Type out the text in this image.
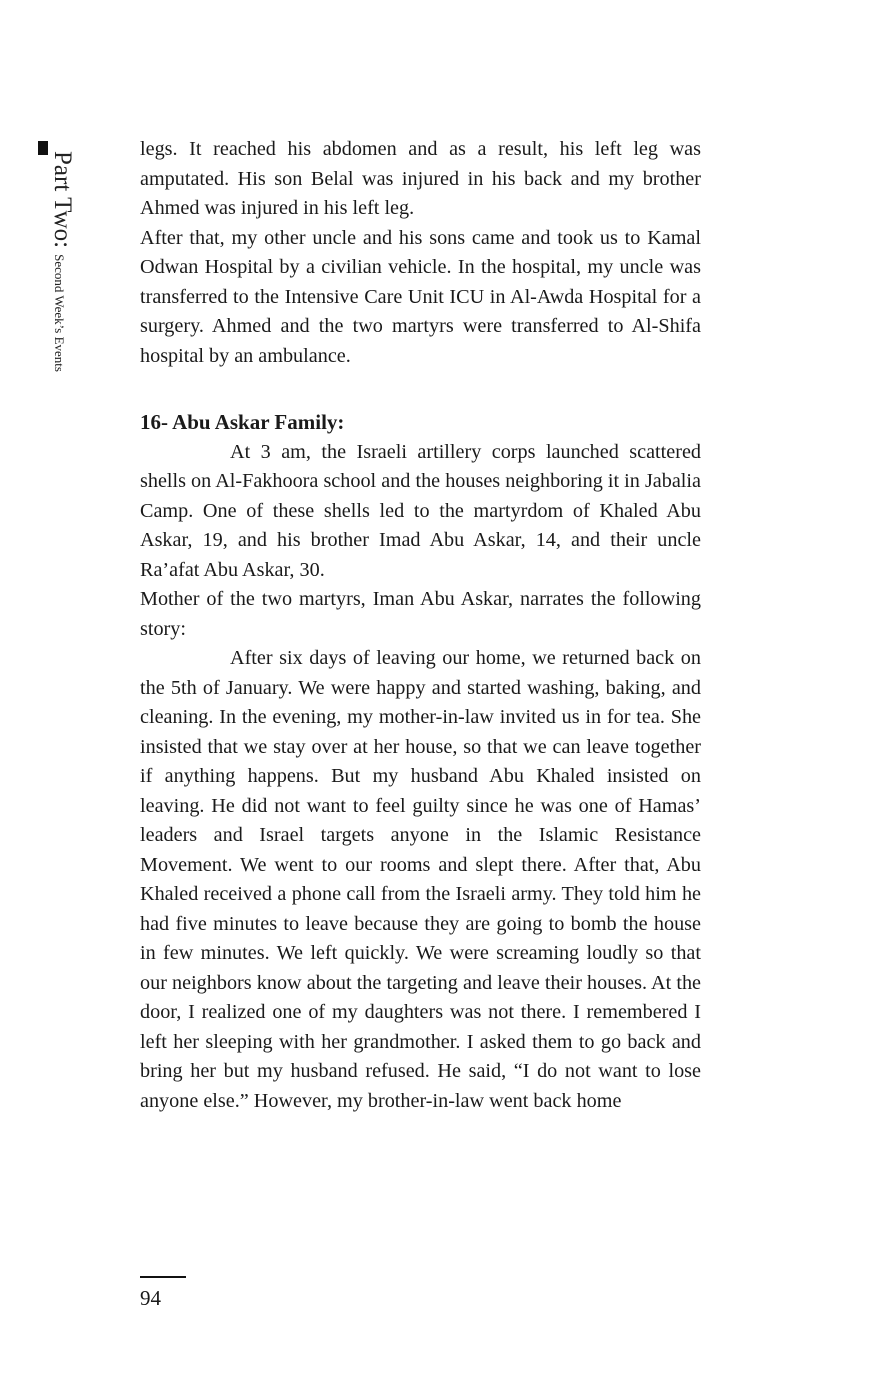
Part Two:Second Week’s Events

legs. It reached his abdomen and as a result, his left leg was amputated. His son Belal was injured in his back and my brother Ahmed was injured in his left leg.

After that, my other uncle and his sons came and took us to Kamal Odwan Hospital by a civilian vehicle. In the hospital, my uncle was transferred to the Intensive Care Unit ICU in Al-Awda Hospital for a surgery. Ahmed and the two martyrs were transferred to Al-Shifa hospital by an ambulance.

16- Abu Askar Family:

At 3 am, the Israeli artillery corps launched scattered shells on Al-Fakhoora school and the houses neighboring it in Jabalia Camp. One of these shells led to the martyrdom of Khaled Abu Askar, 19, and his brother Imad Abu Askar, 14, and their uncle Ra’afat Abu Askar, 30.

Mother of the two martyrs, Iman Abu Askar, narrates the following story:

After six days of leaving our home, we returned back on the 5th of January. We were happy and started washing, baking, and cleaning. In the evening, my mother-in-law invited us in for tea. She insisted that we stay over at her house, so that we can leave together if anything happens. But my husband Abu Khaled insisted on leaving. He did not want to feel guilty since he was one of Hamas’ leaders and Israel targets anyone in the Islamic Resistance Movement. We went to our rooms and slept there. After that, Abu Khaled received a phone call from the Israeli army. They told him he had five minutes to leave because they are going to bomb the house in few minutes. We left quickly. We were screaming loudly so that our neighbors know about the targeting and leave their houses. At the door, I realized one of my daughters was not there. I remembered I left her sleeping with her grandmother. I asked them to go back and bring her but my husband refused. He said, “I do not want to lose anyone else.” However, my brother-in-law went back home

94
